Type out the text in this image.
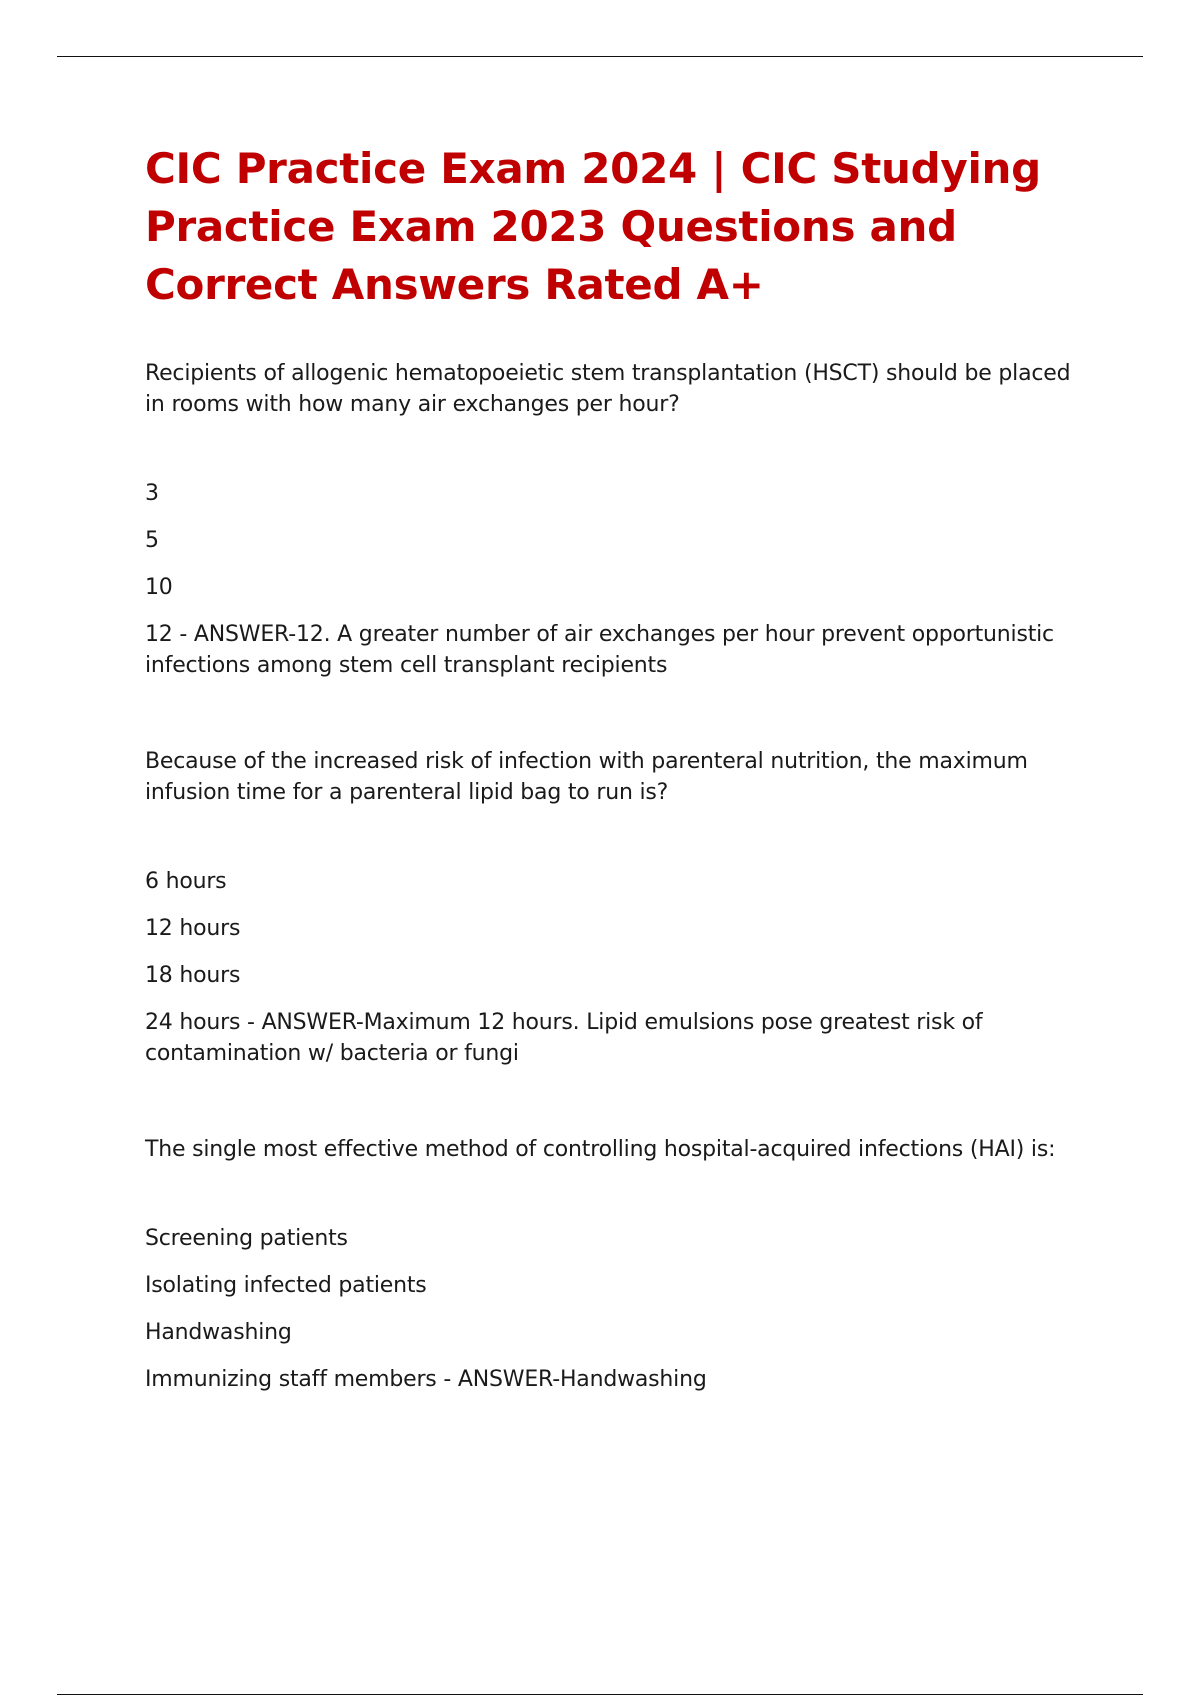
CIC Practice Exam 2024 | CIC Studying Practice Exam 2023 Questions and Correct Answers Rated A+

Recipients of allogenic hematopoeietic stem transplantation (HSCT) should be placed in rooms with how many air exchanges per hour?

3
5
10
12 - ANSWER-12. A greater number of air exchanges per hour prevent opportunistic infections among stem cell transplant recipients

Because of the increased risk of infection with parenteral nutrition, the maximum infusion time for a parenteral lipid bag to run is?

6 hours
12 hours
18 hours
24 hours - ANSWER-Maximum 12 hours. Lipid emulsions pose greatest risk of contamination w/ bacteria or fungi

The single most effective method of controlling hospital-acquired infections (HAI) is:

Screening patients
Isolating infected patients
Handwashing
Immunizing staff members - ANSWER-Handwashing
